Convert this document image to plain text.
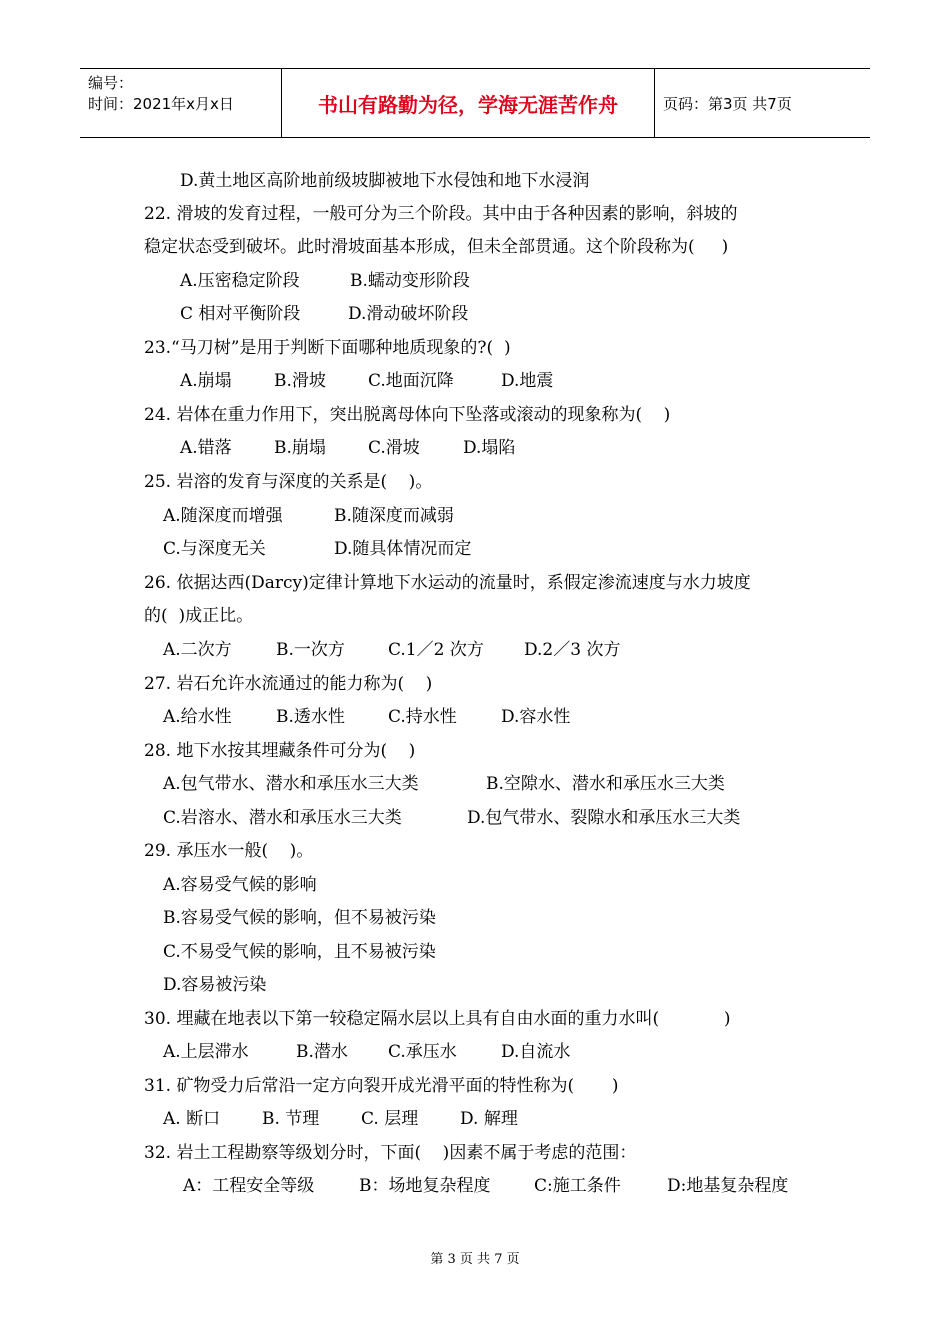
编号：
时间：2021年x月x日	书山有路勤为径，学海无涯苦作舟	页码：第3页 共7页
D.黄土地区高阶地前级坡脚被地下水侵蚀和地下水浸润
22. 滑坡的发育过程，一般可分为三个阶段。其中由于各种因素的影响，斜坡的
稳定状态受到破坏。此时滑坡面基本形成，但未全部贯通。这个阶段称为(     )
A.压密稳定阶段	B.蠕动变形阶段
C 相对平衡阶段	D.滑动破坏阶段
23.“马刀树”是用于判断下面哪种地质现象的?(  )
A.崩塌 B.滑坡 C.地面沉降	D.地震
24. 岩体在重力作用下，突出脱离母体向下坠落或滚动的现象称为(    )
A.错落 B.崩塌 C.滑坡	D.塌陷
25. 岩溶的发育与深度的关系是(    )。
A.随深度而增强	B.随深度而减弱
C.与深度无关	D.随具体情况而定
26. 依据达西(Darcy)定律计算地下水运动的流量时，系假定渗流速度与水力坡度
的(  )成正比。
A.二次方	B.一次方	C.1／2 次方 D.2／3 次方
27. 岩石允许水流通过的能力称为(    )
A.给水性	B.透水性	C.持水性	D.容水性
28. 地下水按其埋藏条件可分为(    )
A.包气带水、潜水和承压水三大类	B.空隙水、潜水和承压水三大类
C.岩溶水、潜水和承压水三大类	D.包气带水、裂隙水和承压水三大类
29. 承压水一般(    )。
A.容易受气候的影响
B.容易受气候的影响，但不易被污染
C.不易受气候的影响，且不易被污染
D.容易被污染
30. 埋藏在地表以下第一较稳定隔水层以上具有自由水面的重力水叫(            )
A.上层滞水	B.潜水 C.承压水	D.自流水
31. 矿物受力后常沿一定方向裂开成光滑平面的特性称为(       )
A. 断口 B. 节理 C. 层理 D. 解理
32. 岩土工程勘察等级划分时，下面(    )因素不属于考虑的范围：
A：工程安全等级	B：场地复杂程度	C:施工条件	D:地基复杂程度
第 3 页 共 7 页
